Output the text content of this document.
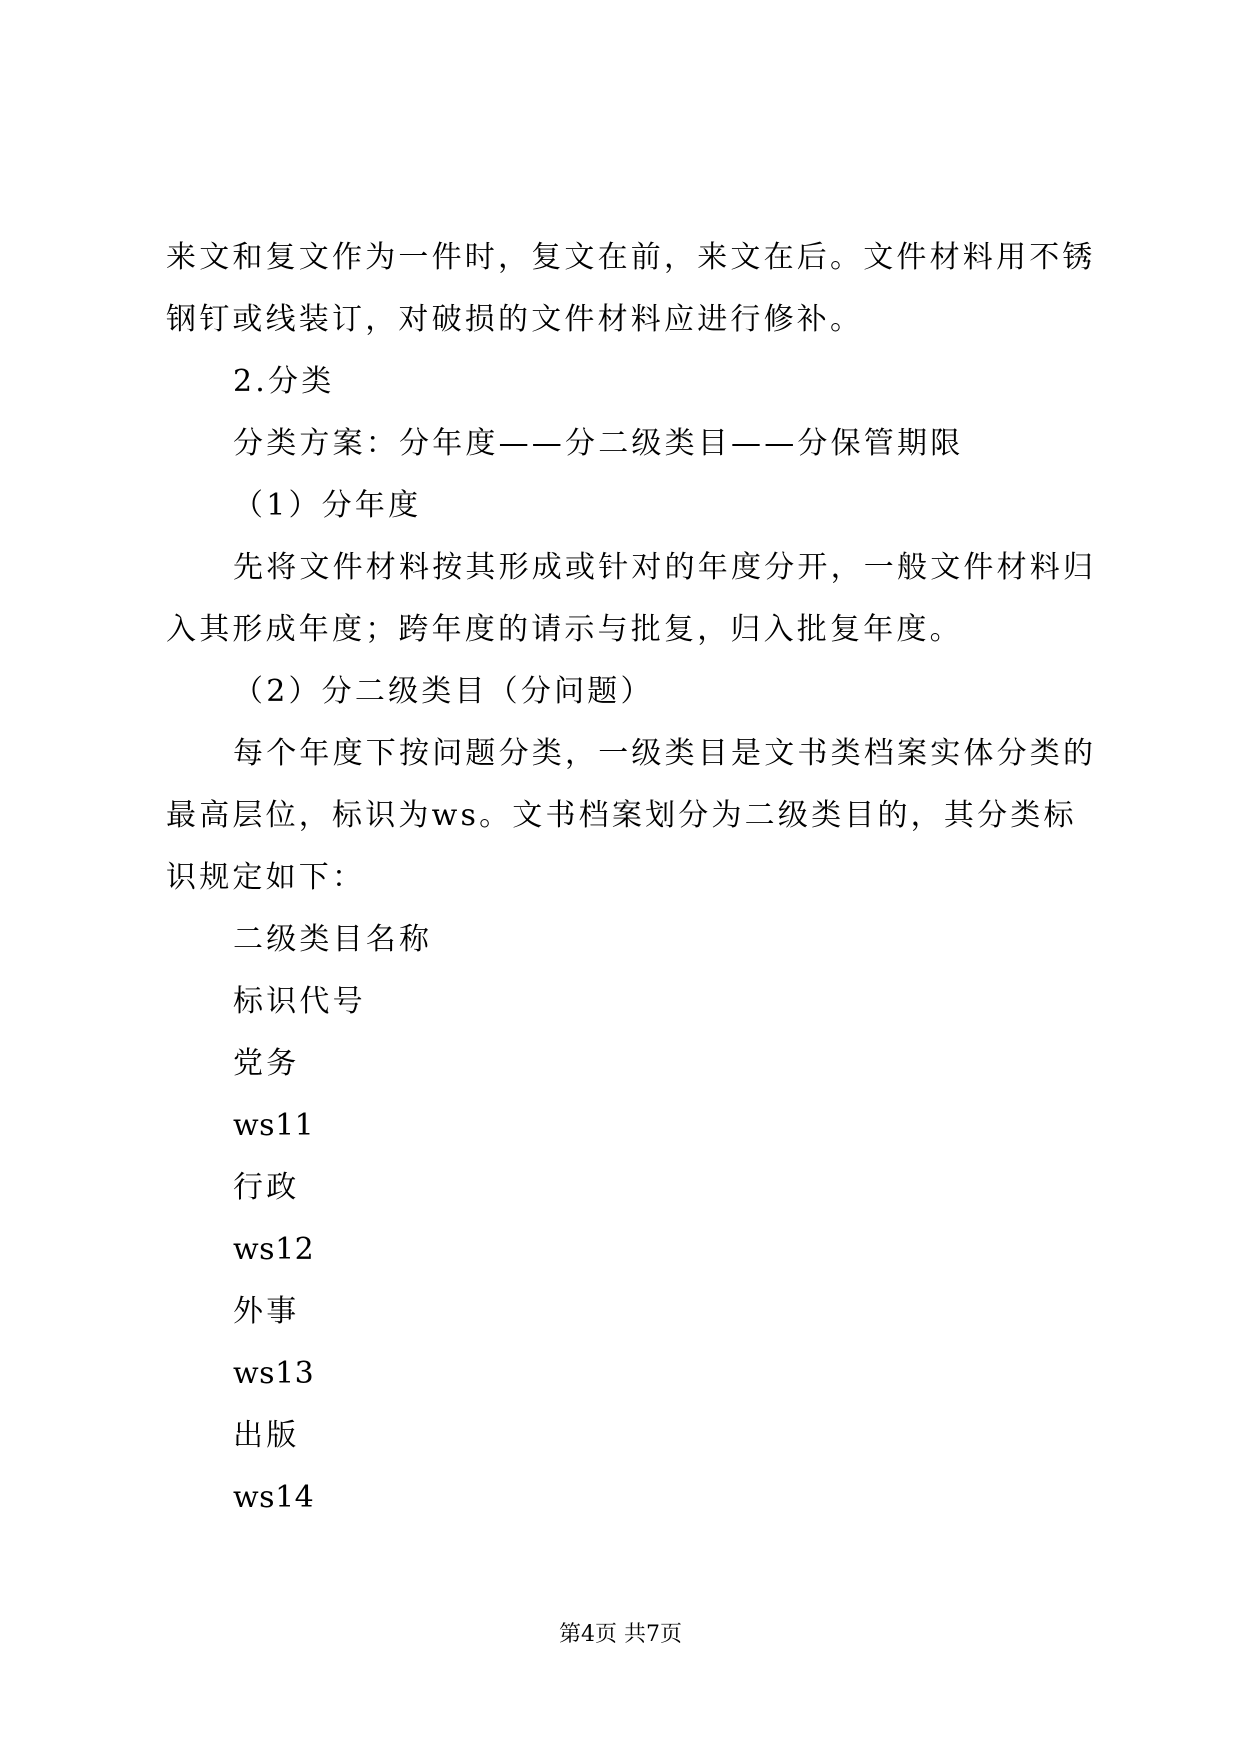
来文和复文作为一件时，复文在前，来文在后。文件材料用不锈
钢钉或线装订，对破损的文件材料应进行修补。
2.分类
分类方案：分年度——分二级类目——分保管期限
（1）分年度
先将文件材料按其形成或针对的年度分开，一般文件材料归
入其形成年度；跨年度的请示与批复，归入批复年度。
（2）分二级类目（分问题）
每个年度下按问题分类，一级类目是文书类档案实体分类的
最高层位，标识为ws。文书档案划分为二级类目的，其分类标
识规定如下：
二级类目名称
标识代号
党务
ws11
行政
ws12
外事
ws13
出版
ws14
第4页 共7页
